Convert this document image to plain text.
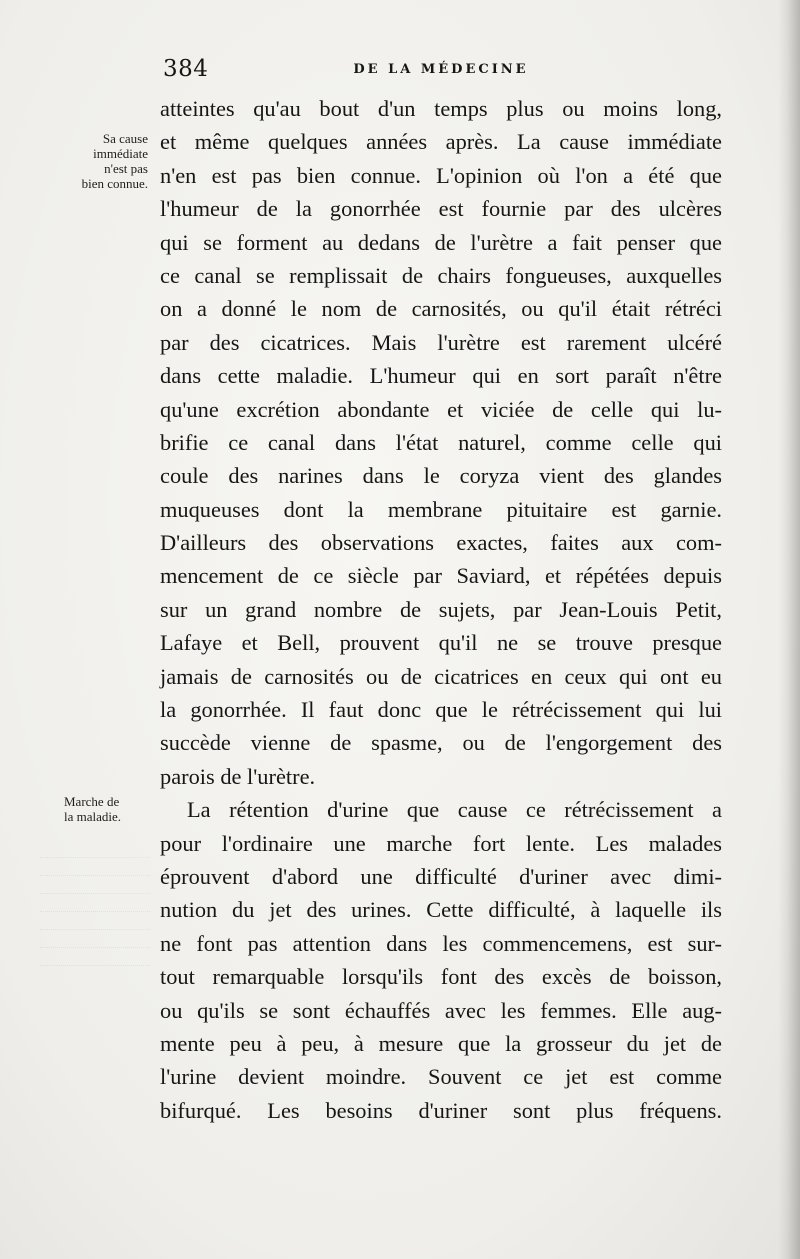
384	DE LA MÉDECINE
Sa cause
immédiate
n'est pas
bien connue.
Marche de
la maladie.
atteintes qu'au bout d'un temps plus ou moins long,
et même quelques années après. La cause immédiate
n'en est pas bien connue. L'opinion où l'on a été que
l'humeur de la gonorrhée est fournie par des ulcères
qui se forment au dedans de l'urètre a fait penser que
ce canal se remplissait de chairs fongueuses, auxquelles
on a donné le nom de carnosités, ou qu'il était rétréci
par des cicatrices. Mais l'urètre est rarement ulcéré
dans cette maladie. L'humeur qui en sort paraît n'être
qu'une excrétion abondante et viciée de celle qui lu-
brifie ce canal dans l'état naturel, comme celle qui
coule des narines dans le coryza vient des glandes
muqueuses dont la membrane pituitaire est garnie.
D'ailleurs des observations exactes, faites aux com-
mencement de ce siècle par Saviard, et répétées depuis
sur un grand nombre de sujets, par Jean-Louis Petit,
Lafaye et Bell, prouvent qu'il ne se trouve presque
jamais de carnosités ou de cicatrices en ceux qui ont eu
la gonorrhée. Il faut donc que le rétrécissement qui lui
succède vienne de spasme, ou de l'engorgement des
parois de l'urètre.
La rétention d'urine que cause ce rétrécissement a
pour l'ordinaire une marche fort lente. Les malades
éprouvent d'abord une difficulté d'uriner avec dimi-
nution du jet des urines. Cette difficulté, à laquelle ils
ne font pas attention dans les commencemens, est sur-
tout remarquable lorsqu'ils font des excès de boisson,
ou qu'ils se sont échauffés avec les femmes. Elle aug-
mente peu à peu, à mesure que la grosseur du jet de
l'urine devient moindre. Souvent ce jet est comme
bifurqué. Les besoins d'uriner sont plus fréquens.
